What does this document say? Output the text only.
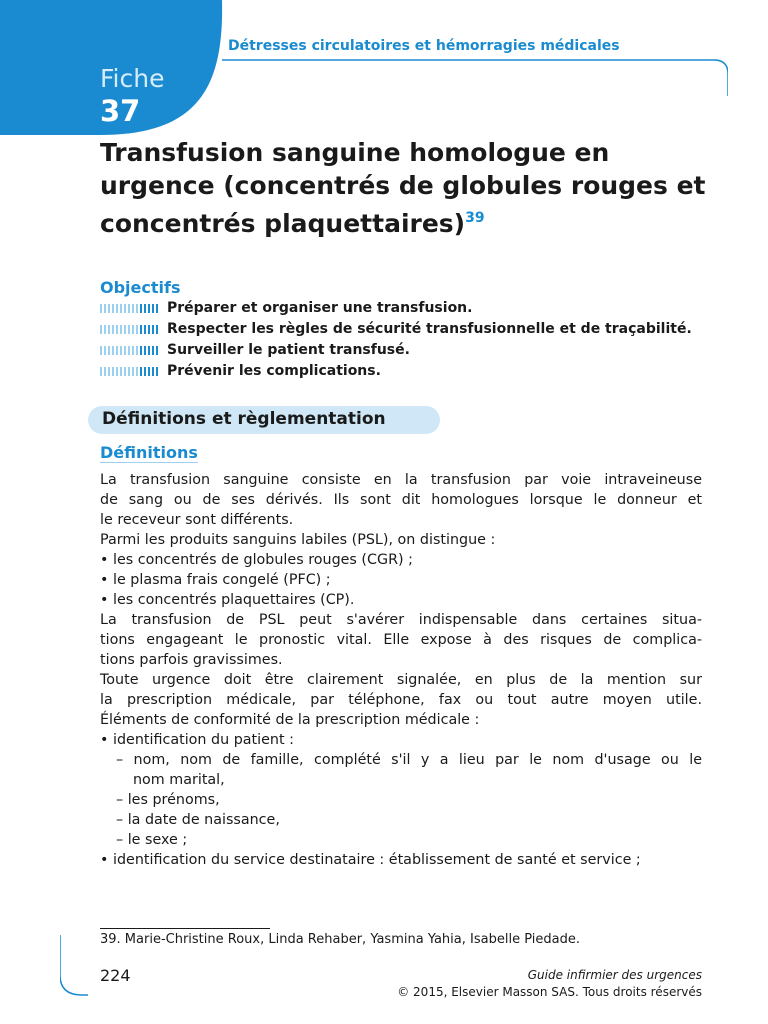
Détresses circulatoires et hémorragies médicales
Fiche
37
Transfusion sanguine homologue en urgence (concentrés de globules rouges et concentrés plaquettaires)$^{39}$
Objectifs
Préparer et organiser une transfusion.
Respecter les règles de sécurité transfusionnelle et de traçabilité.
Surveiller le patient transfusé.
Prévenir les complications.
Définitions et règlementation
Définitions

La transfusion sanguine consiste en la transfusion par voie intraveineuse

de sang ou de ses dérivés. Ils sont dit homologues lorsque le donneur et

le receveur sont différents.

Parmi les produits sanguins labiles (PSL), on distingue :

• les concentrés de globules rouges (CGR) ;

• le plasma frais congelé (PFC) ;

• les concentrés plaquettaires (CP).

La transfusion de PSL peut s'avérer indispensable dans certaines situa-

tions engageant le pronostic vital. Elle expose à des risques de complica-

tions parfois gravissimes.

Toute urgence doit être clairement signalée, en plus de la mention sur

la prescription médicale, par téléphone, fax ou tout autre moyen utile.

Éléments de conformité de la prescription médicale :

• identification du patient :

– nom, nom de famille, complété s'il y a lieu par le nom d'usage ou le

nom marital,

– les prénoms,

– la date de naissance,

– le sexe ;

• identification du service destinataire : établissement de santé et service ;

39. Marie-Christine Roux, Linda Rehaber, Yasmina Yahia, Isabelle Piedade.
224	Guide infirmier des urgences
© 2015, Elsevier Masson SAS. Tous droits réservés
